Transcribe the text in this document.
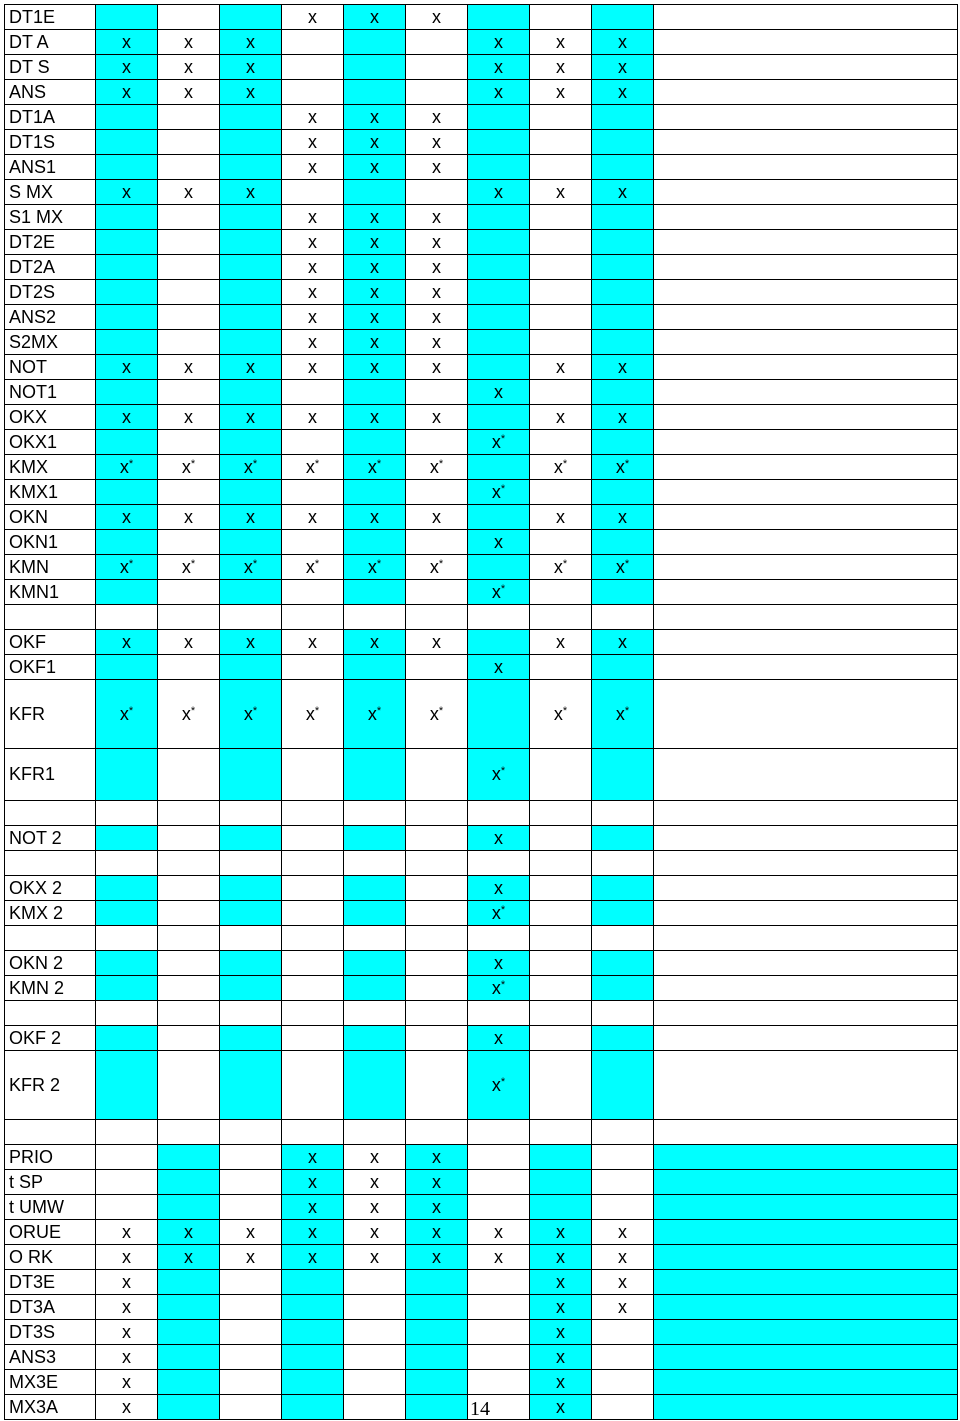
DT1E				x	x	x					
DT A	x	x	x				x	x	x		
DT S	x	x	x				x	x	x		
ANS	x	x	x				x	x	x		
DT1A				x	x	x					
DT1S				x	x	x					
ANS1				x	x	x					
S MX	x	x	x				x	x	x		
S1 MX				x	x	x					
DT2E				x	x	x					
DT2A				x	x	x					
DT2S				x	x	x					
ANS2				x	x	x					
S2MX				x	x	x					
NOT	x	x	x	x	x	x		x	x		
NOT1							x				
OKX	x	x	x	x	x	x		x	x		
OKX1							x*				
KMX	x*	x*	x*	x*	x*	x*		x*	x*		
KMX1							x*				
OKN	x	x	x	x	x	x		x	x		
OKN1							x				
KMN	x*	x*	x*	x*	x*	x*		x*	x*		
KMN1							x*				

OKF	x	x	x	x	x	x		x	x		
OKF1							x				
KFR	x*	x*	x*	x*	x*	x*		x*	x*		
KFR1							x*				

NOT 2							x				

OKX 2							x				
KMX 2							x*				

OKN 2							x				
KMN 2							x*				

OKF 2							x				
KFR 2							x*				

PRIO				x	x	x					
t SP				x	x	x					
t UMW				x	x	x					
ORUE	x	x	x	x	x	x	x	x	x		
O RK	x	x	x	x	x	x	x	x	x		
DT3E	x							x	x		
DT3A	x							x	x		
DT3S	x							x			
ANS3	x							x			
MX3E	x							x			
MX3A	x							x			
14
